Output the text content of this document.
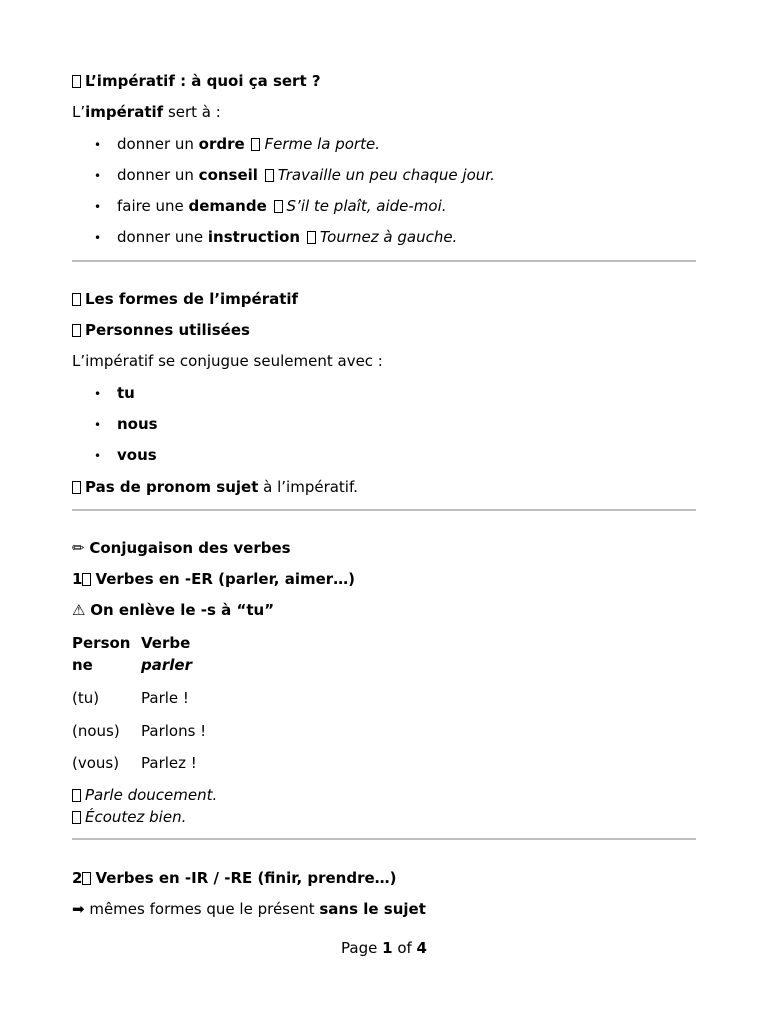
L’impératif : à quoi ça sert ?
L’impératif sert à :
• donner un ordre Ferme la porte.
• donner un conseil Travaille un peu chaque jour.
• faire une demande S’il te plaît, aide-moi.
• donner une instruction Tournez à gauche.
Les formes de l’impératif
Personnes utilisées
L’impératif se conjugue seulement avec :
• tu
• nous
• vous
Pas de pronom sujet à l’impératif.
✏ Conjugaison des verbes
1 Verbes en -ER (parler, aimer…)
⚠ On enlève le -s à “tu”
Person
ne
Verbe
parler
(tu)	Parle !
(nous) Parlons !
(vous) Parlez !
Parle doucement.
Écoutez bien.
2 Verbes en -IR / -RE (finir, prendre…)
➡ mêmes formes que le présent sans le sujet
Page 1 of 4
